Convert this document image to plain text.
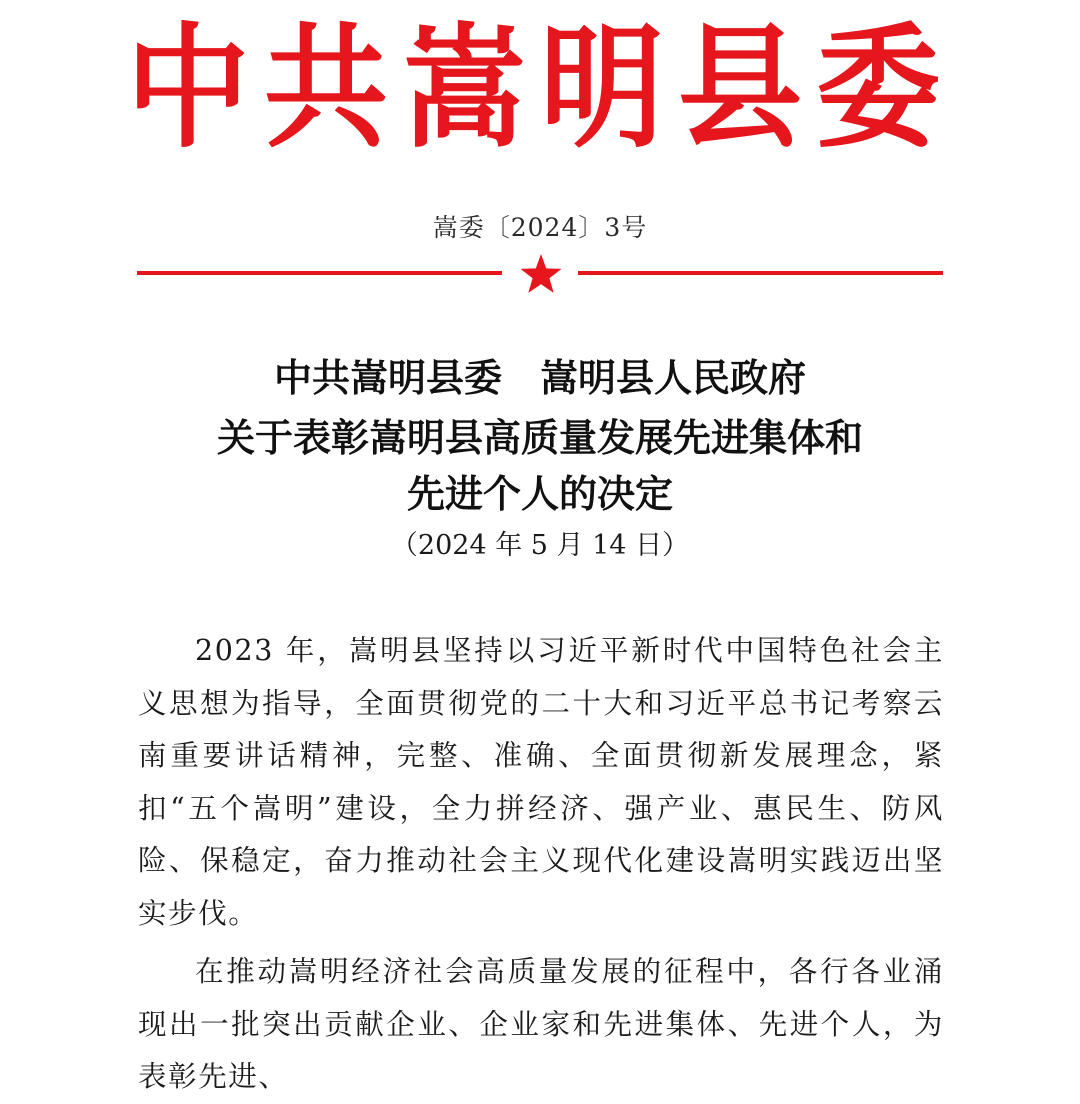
中共嵩明县委
嵩委〔2024〕3号
中共嵩明县委 嵩明县人民政府
关于表彰嵩明县高质量发展先进集体和
先进个人的决定
（2024 年 5 月 14 日）

2023 年，嵩明县坚持以习近平新时代中国特色社会主义思想为指导，全面贯彻党的二十大和习近平总书记考察云南重要讲话精神，完整、准确、全面贯彻新发展理念，紧扣“五个嵩明”建设，全力拼经济、强产业、惠民生、防风险、保稳定，奋力推动社会主义现代化建设嵩明实践迈出坚实步伐。

在推动嵩明经济社会高质量发展的征程中，各行各业涌现出一批突出贡献企业、企业家和先进集体、先进个人，为表彰先进、
